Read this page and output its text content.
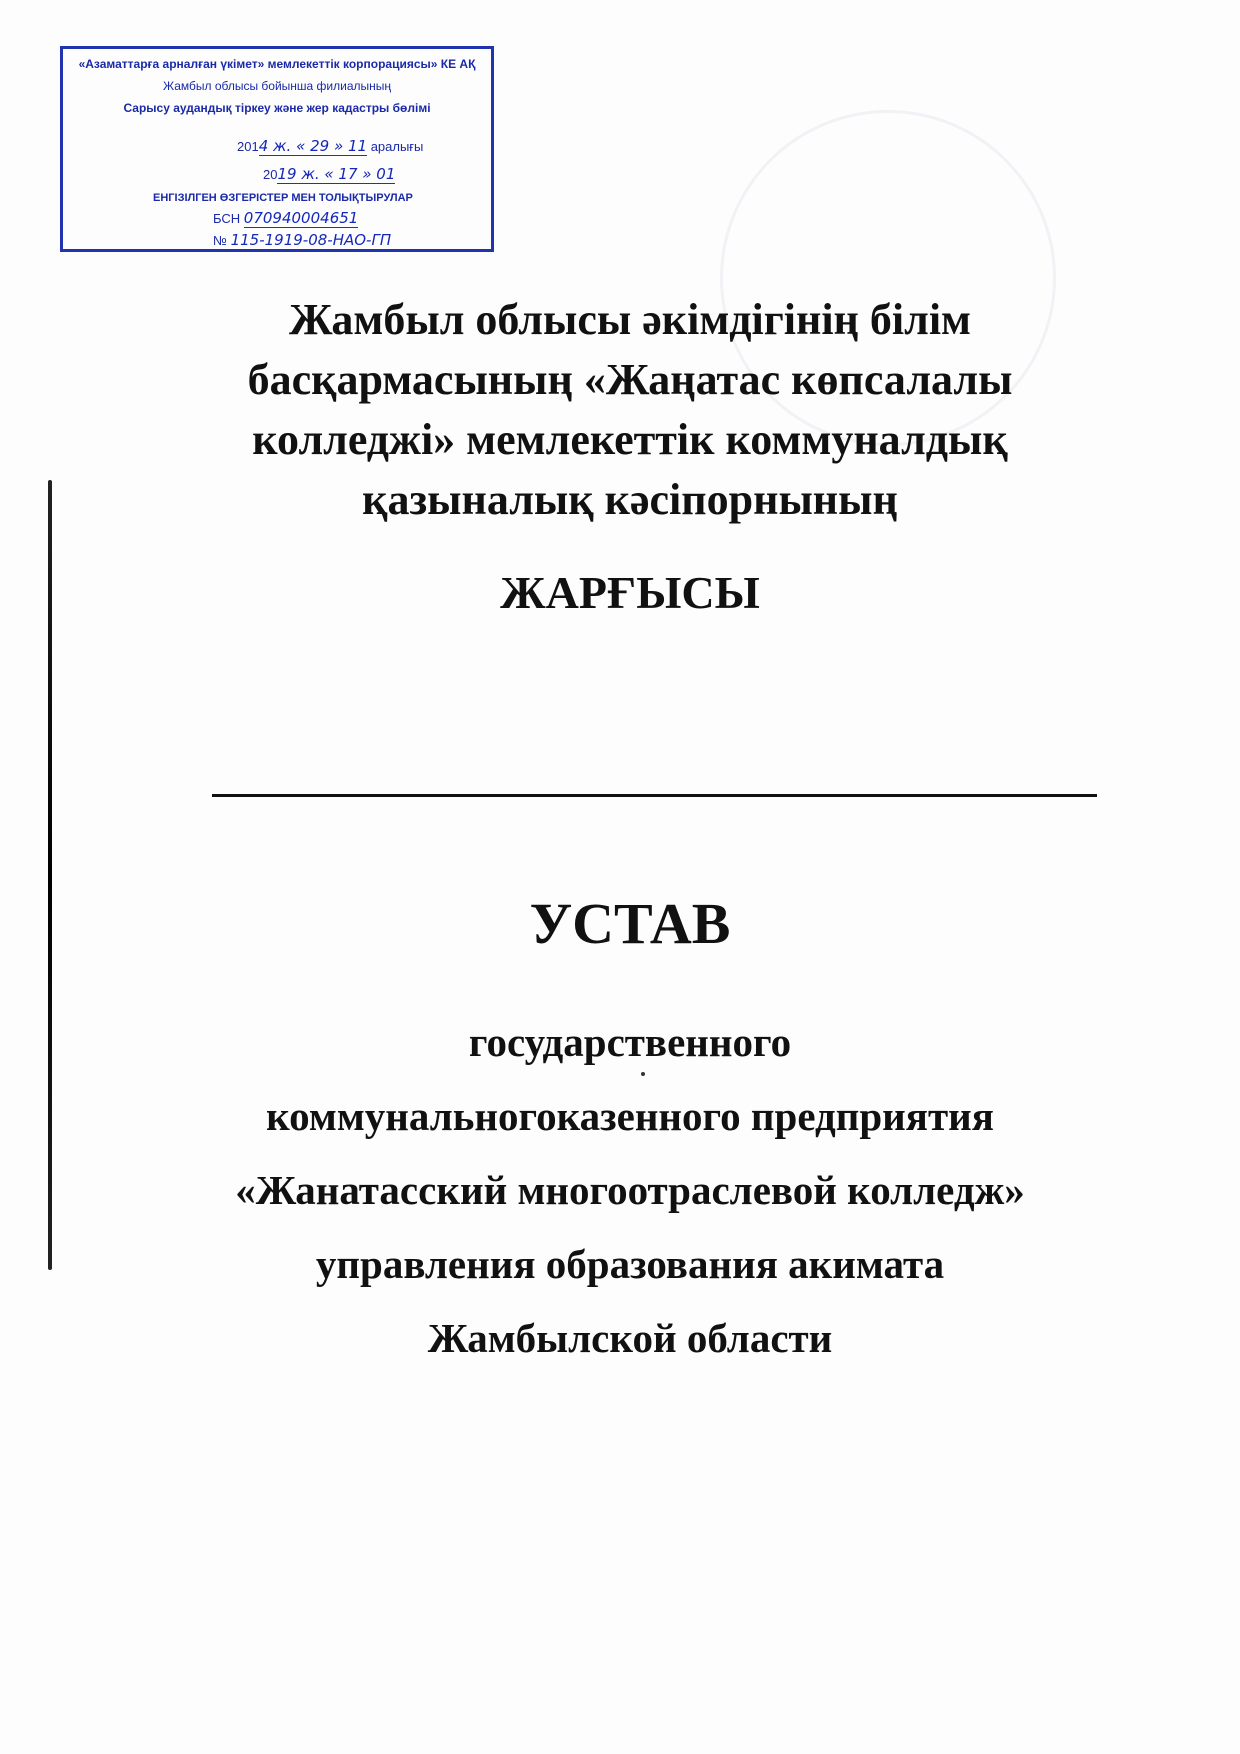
«Азаматтарға арналған үкімет» мемлекеттік корпорациясы» КЕ АҚ
Жамбыл облысы бойынша филиалының
Сарысу аудандық тіркеу және жер кадастры бөлімі
2014 ж. « 29 » 11 аралығы
2019 ж. « 17 » 01
ЕНГІЗІЛГЕН ӨЗГЕРІСТЕР МЕН ТОЛЫҚТЫРУЛАР
БСН 070940004651
№ 115-1919-08-НАО-ГП
Жамбыл облысы әкімдігінің білім
басқармасының «Жаңатас көпсалалы
колледжі» мемлекеттік коммуналдық
қазыналық кәсіпорнының
ЖАРҒЫСЫ
УСТАВ
государственного
коммунальногоказенного предприятия
«Жанатасский многоотраслевой колледж»
управления образования акимата
Жамбылской области
